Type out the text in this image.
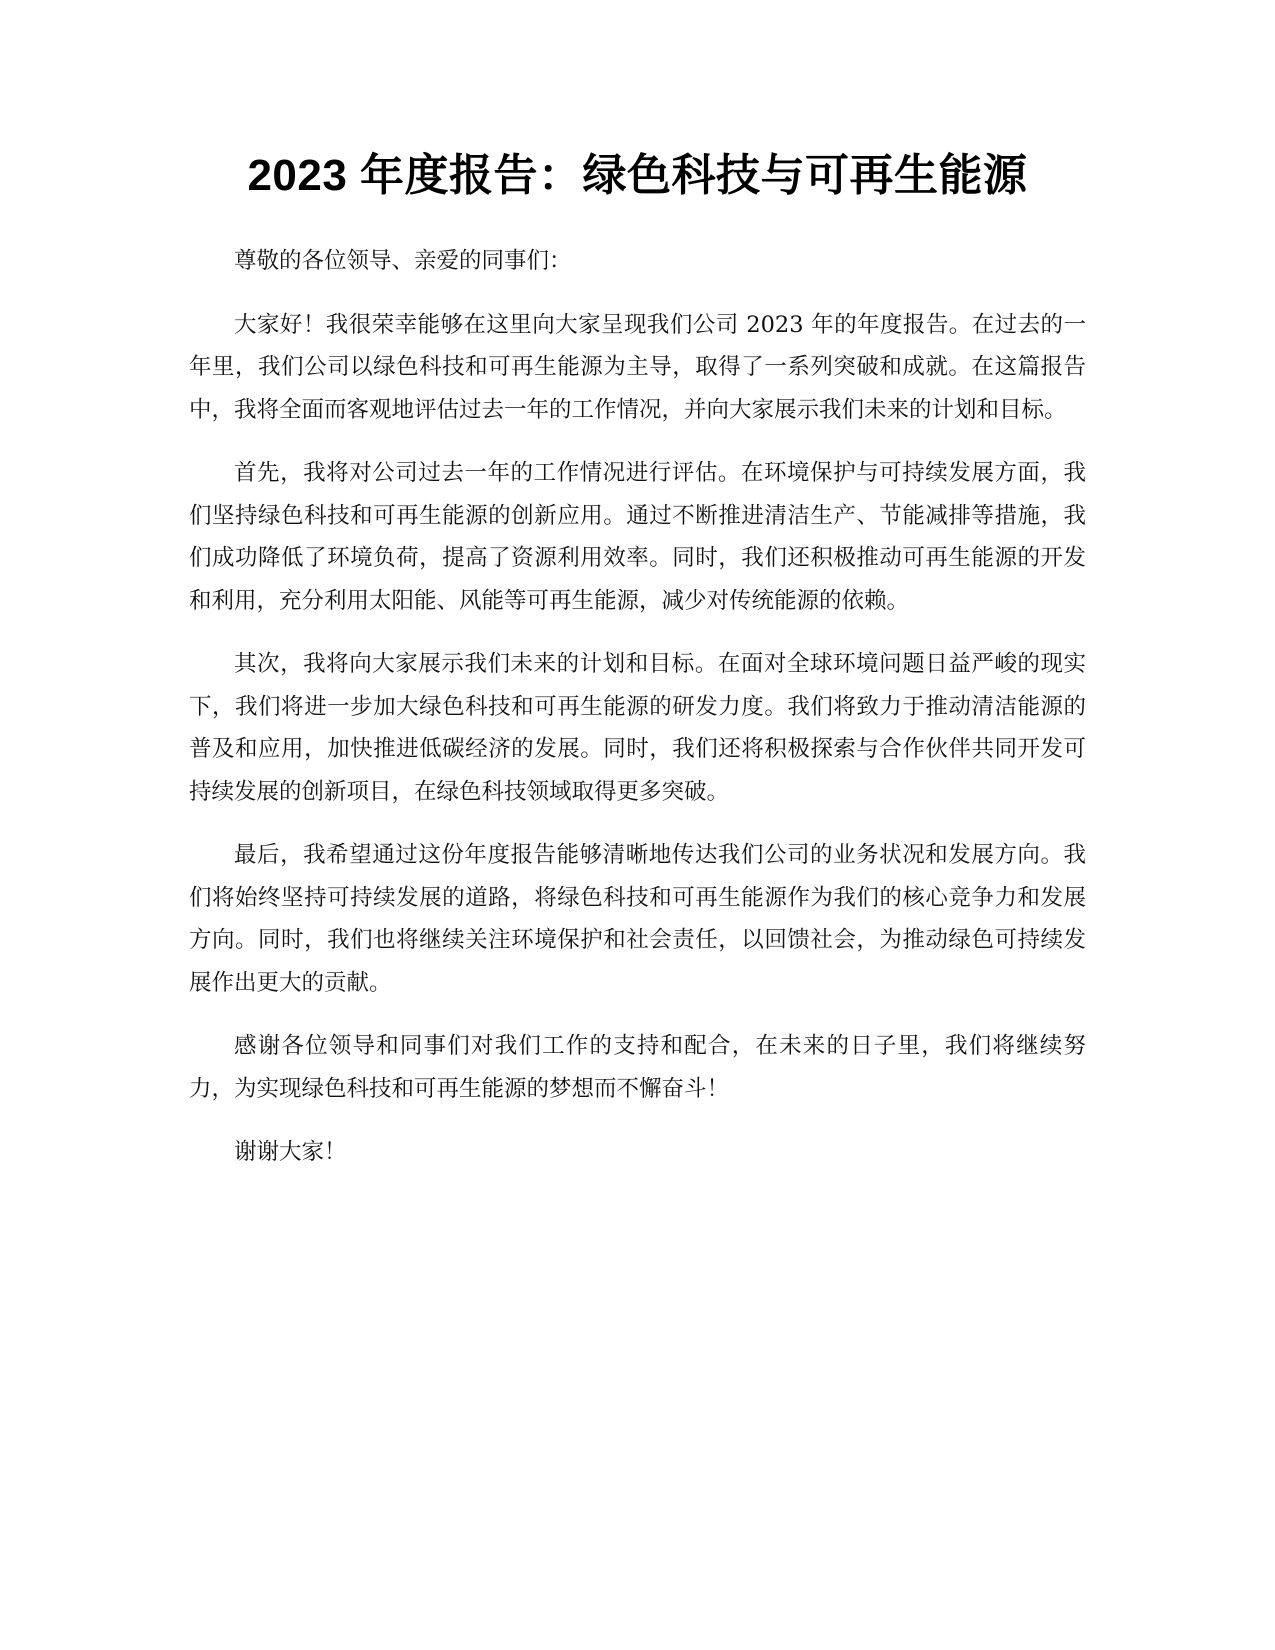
2023 年度报告：绿色科技与可再生能源

尊敬的各位领导、亲爱的同事们：

大家好！我很荣幸能够在这里向大家呈现我们公司 2023 年的年度报告。在过去的一年里，我们公司以绿色科技和可再生能源为主导，取得了一系列突破和成就。在这篇报告中，我将全面而客观地评估过去一年的工作情况，并向大家展示我们未来的计划和目标。

首先，我将对公司过去一年的工作情况进行评估。在环境保护与可持续发展方面，我们坚持绿色科技和可再生能源的创新应用。通过不断推进清洁生产、节能减排等措施，我们成功降低了环境负荷，提高了资源利用效率。同时，我们还积极推动可再生能源的开发和利用，充分利用太阳能、风能等可再生能源，减少对传统能源的依赖。

其次，我将向大家展示我们未来的计划和目标。在面对全球环境问题日益严峻的现实下，我们将进一步加大绿色科技和可再生能源的研发力度。我们将致力于推动清洁能源的普及和应用，加快推进低碳经济的发展。同时，我们还将积极探索与合作伙伴共同开发可持续发展的创新项目，在绿色科技领域取得更多突破。

最后，我希望通过这份年度报告能够清晰地传达我们公司的业务状况和发展方向。我们将始终坚持可持续发展的道路，将绿色科技和可再生能源作为我们的核心竞争力和发展方向。同时，我们也将继续关注环境保护和社会责任，以回馈社会，为推动绿色可持续发展作出更大的贡献。

感谢各位领导和同事们对我们工作的支持和配合，在未来的日子里，我们将继续努力，为实现绿色科技和可再生能源的梦想而不懈奋斗！

谢谢大家！
